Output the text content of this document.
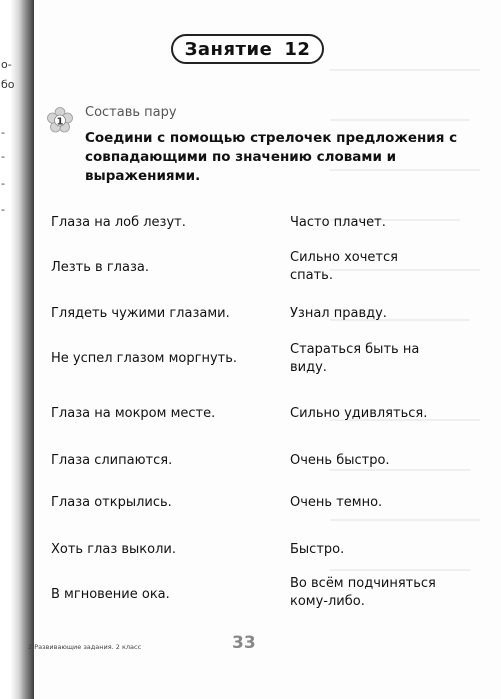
о-
бо
-
-
-
-
Занятие 12
1
Составь пару
Соедини с помощью стрелочек предложения с совпадающими по значению словами и выражениями.
Глаза на лоб лезут.
Лезть в глаза.
Глядеть чужими глазами.
Не успел глазом моргнуть.
Глаза на мокром месте.
Глаза слипаются.
Глаза открылись.
Хоть глаз выколи.
В мгновение ока.
Часто плачет.
Сильно хочется спать.
Узнал правду.
Стараться быть на виду.
Сильно удивляться.
Очень быстро.
Очень темно.
Быстро.
Во всём подчиняться кому-либо.
2 Развивающие задания. 2 класс	33
